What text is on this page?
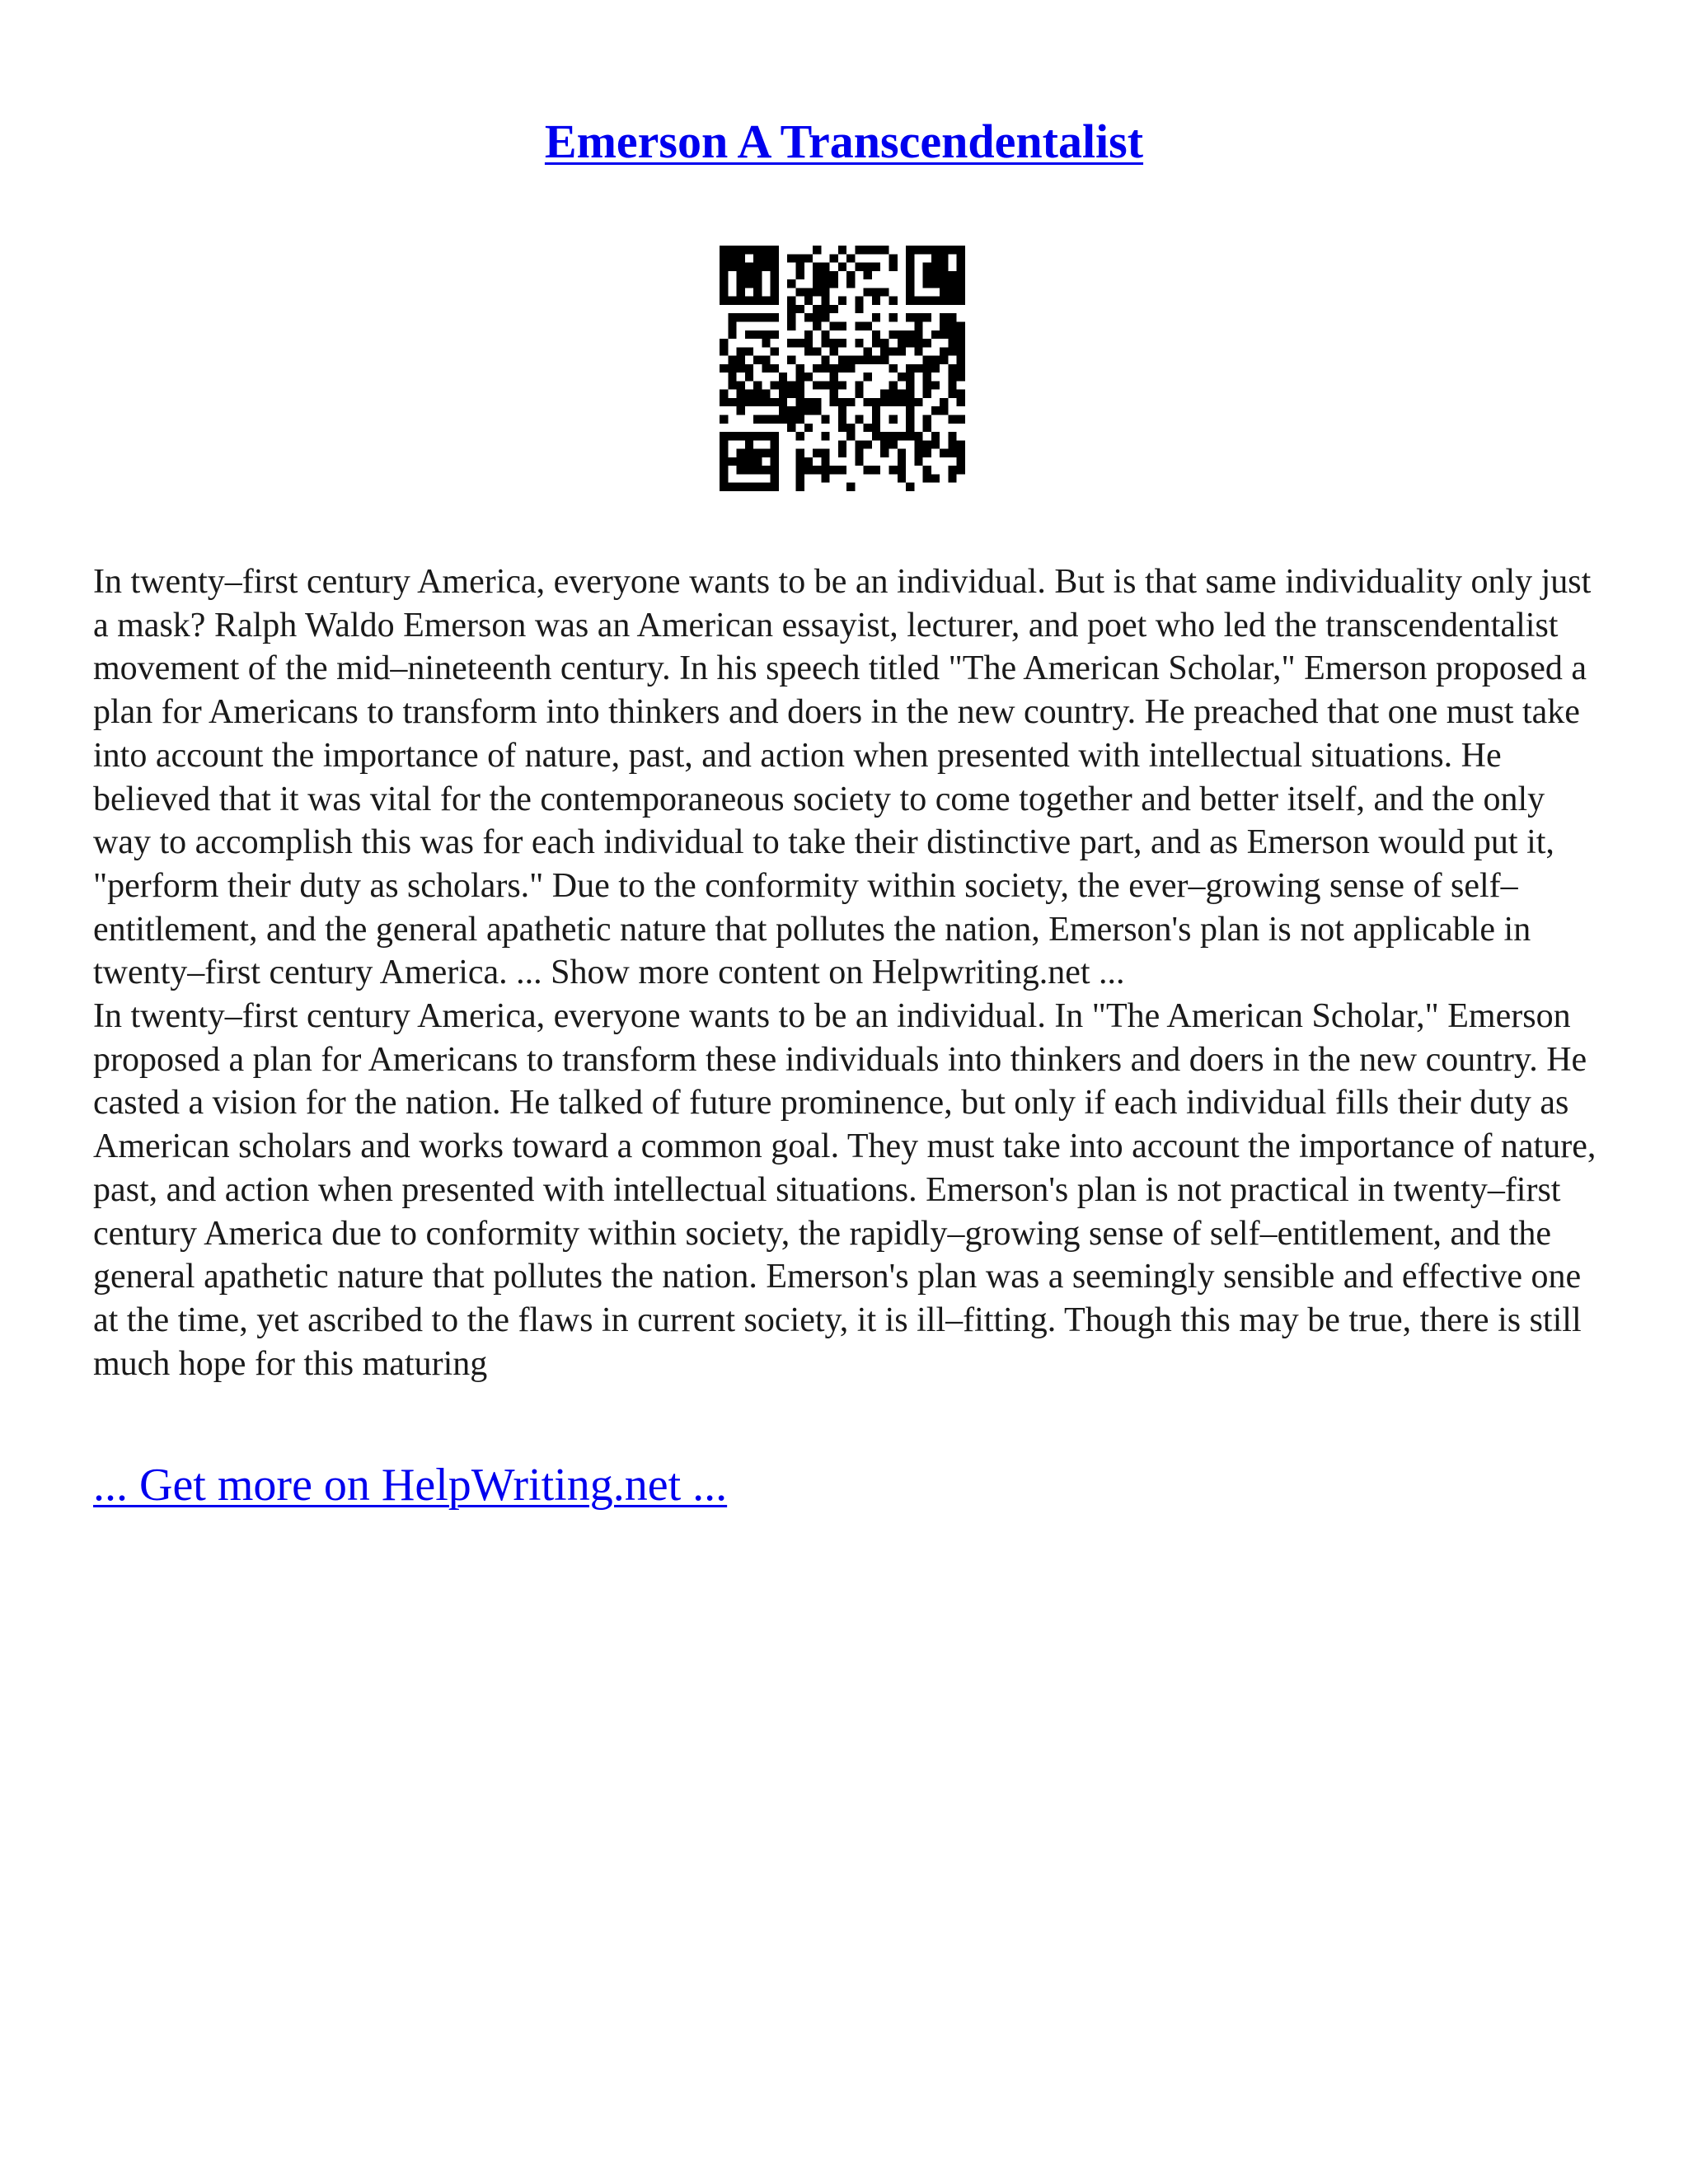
Emerson A Transcendentalist

In twenty–first century America, everyone wants to be an individual. But is that same individuality only just a mask? Ralph Waldo Emerson was an American essayist, lecturer, and poet who led the transcendentalist movement of the mid–nineteenth century. In his speech titled "The American Scholar," Emerson proposed a plan for Americans to transform into thinkers and doers in the new country. He preached that one must take into account the importance of nature, past, and action when presented with intellectual situations. He believed that it was vital for the contemporaneous society to come together and better itself, and the only way to accomplish this was for each individual to take their distinctive part, and as Emerson would put it, "perform their duty as scholars." Due to the conformity within society, the ever–growing sense of self–entitlement, and the general apathetic nature that pollutes the nation, Emerson's plan is not applicable in twenty–first century America. ... Show more content on Helpwriting.net ...

In twenty–first century America, everyone wants to be an individual. In "The American Scholar," Emerson proposed a plan for Americans to transform these individuals into thinkers and doers in the new country. He casted a vision for the nation. He talked of future prominence, but only if each individual fills their duty as American scholars and works toward a common goal. They must take into account the importance of nature, past, and action when presented with intellectual situations. Emerson's plan is not practical in twenty–first century America due to conformity within society, the rapidly–growing sense of self–entitlement, and the general apathetic nature that pollutes the nation. Emerson's plan was a seemingly sensible and effective one at the time, yet ascribed to the flaws in current society, it is ill–fitting. Though this may be true, there is still much hope for this maturing

... Get more on HelpWriting.net ...
